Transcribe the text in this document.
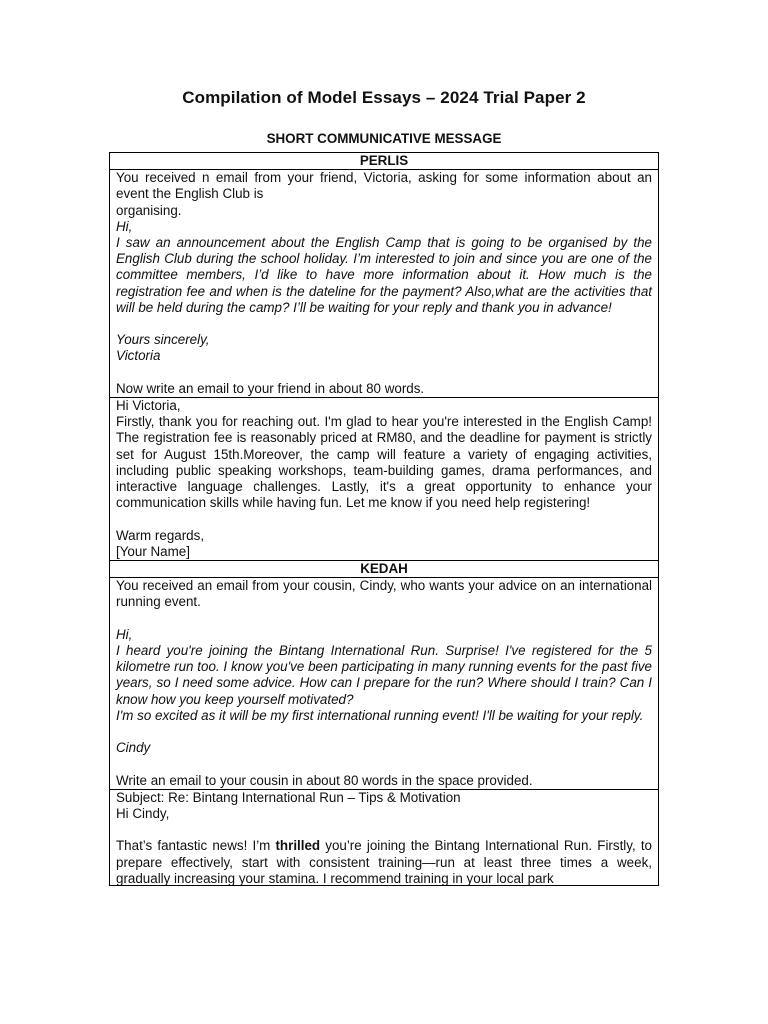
Compilation of Model Essays – 2024 Trial Paper 2
SHORT COMMUNICATIVE MESSAGE
PERLIS

You received n email from your friend, Victoria, asking for some information about an event the English Club is
organising.
Hi,
I saw an announcement about the English Camp that is going to be organised by the English Club during the school holiday. I’m interested to join and since you are one of the committee members, I’d like to have more information about it. How much is the registration fee and when is the dateline for the payment? Also,what are the activities that will be held during the camp? I’ll be waiting for your reply and thank you in advance!
Yours sincerely,
Victoria
Now write an email to your friend in about 80 words.

Hi Victoria,
Firstly, thank you for reaching out. I'm glad to hear you're interested in the English Camp! The registration fee is reasonably priced at RM80, and the deadline for payment is strictly set for August 15th.Moreover, the camp will feature a variety of engaging activities, including public speaking workshops, team-building games, drama performances, and interactive language challenges. Lastly, it's a great opportunity to enhance your communication skills while having fun. Let me know if you need help registering!
Warm regards,
[Your Name]

KEDAH

You received an email from your cousin, Cindy, who wants your advice on an international running event.
Hi,
I heard you're joining the Bintang International Run. Surprise! I've registered for the 5 kilometre run too. I know you've been participating in many running events for the past five years, so I need some advice. How can I prepare for the run? Where should I train? Can I know how you keep yourself motivated?
I'm so excited as it will be my first international running event! I'll be waiting for your reply.
Cindy
Write an email to your cousin in about 80 words in the space provided.

Subject: Re: Bintang International Run – Tips & Motivation
Hi Cindy,
That’s fantastic news! I’m thrilled you’re joining the Bintang International Run. Firstly, to prepare effectively, start with consistent training—run at least three times a week, gradually increasing your stamina. I recommend training in your local park
